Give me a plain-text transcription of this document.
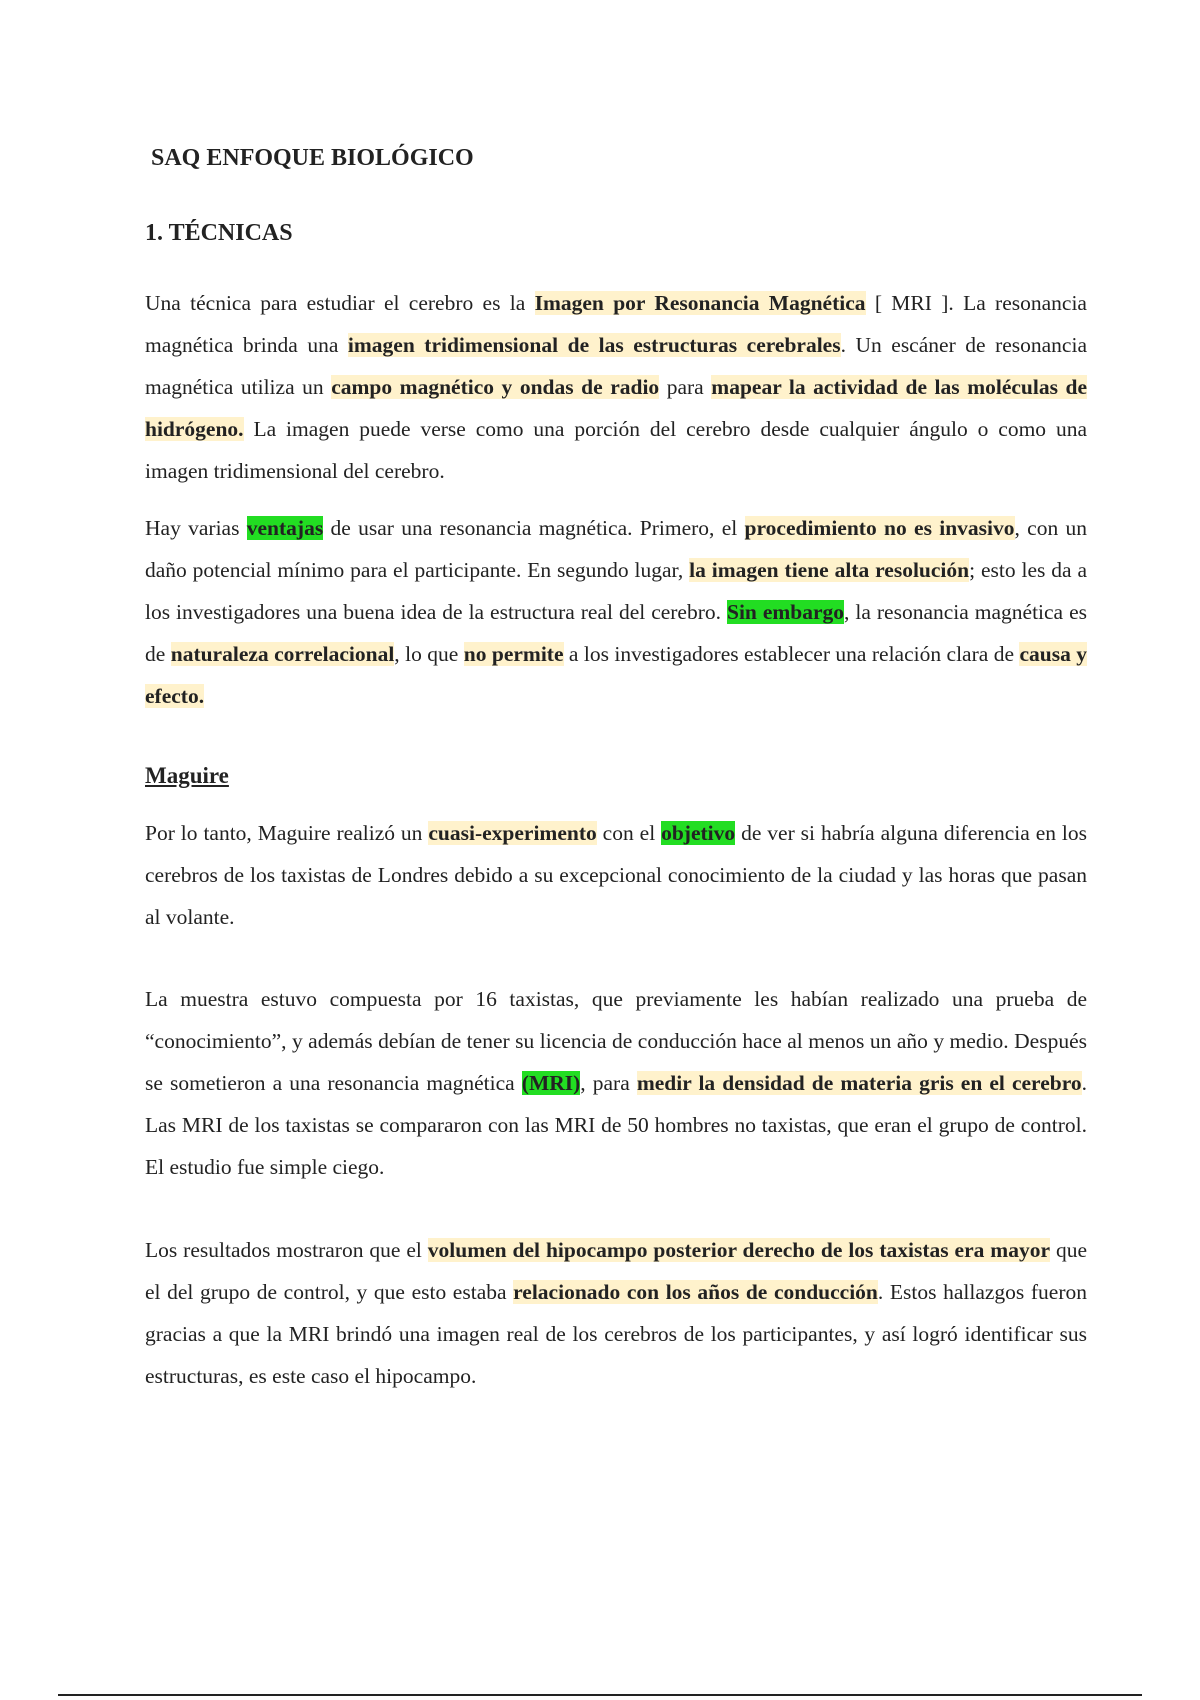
SAQ ENFOQUE BIOLÓGICO
1. TÉCNICAS

Una técnica para estudiar el cerebro es la Imagen por Resonancia Magnética [ MRI ]. La resonancia magnética brinda una imagen tridimensional de las estructuras cerebrales. Un escáner de resonancia magnética utiliza un campo magnético y ondas de radio para mapear la actividad de las moléculas de hidrógeno. La imagen puede verse como una porción del cerebro desde cualquier ángulo o como una imagen tridimensional del cerebro.

Hay varias ventajas de usar una resonancia magnética. Primero, el procedimiento no es invasivo, con un daño potencial mínimo para el participante. En segundo lugar, la imagen tiene alta resolución; esto les da a los investigadores una buena idea de la estructura real del cerebro. Sin embargo, la resonancia magnética es de naturaleza correlacional, lo que no permite a los investigadores establecer una relación clara de causa y efecto.

Maguire

Por lo tanto, Maguire realizó un cuasi-experimento con el objetivo de ver si habría alguna diferencia en los cerebros de los taxistas de Londres debido a su excepcional conocimiento de la ciudad y las horas que pasan al volante.

La muestra estuvo compuesta por 16 taxistas, que previamente les habían realizado una prueba de “conocimiento”, y además debían de tener su licencia de conducción hace al menos un año y medio. Después se sometieron a una resonancia magnética (MRI), para medir la densidad de materia gris en el cerebro. Las MRI de los taxistas se compararon con las MRI de 50 hombres no taxistas, que eran el grupo de control. El estudio fue simple ciego.

Los resultados mostraron que el volumen del hipocampo posterior derecho de los taxistas era mayor que el del grupo de control, y que esto estaba relacionado con los años de conducción. Estos hallazgos fueron gracias a que la MRI brindó una imagen real de los cerebros de los participantes, y así logró identificar sus estructuras, es este caso el hipocampo.
